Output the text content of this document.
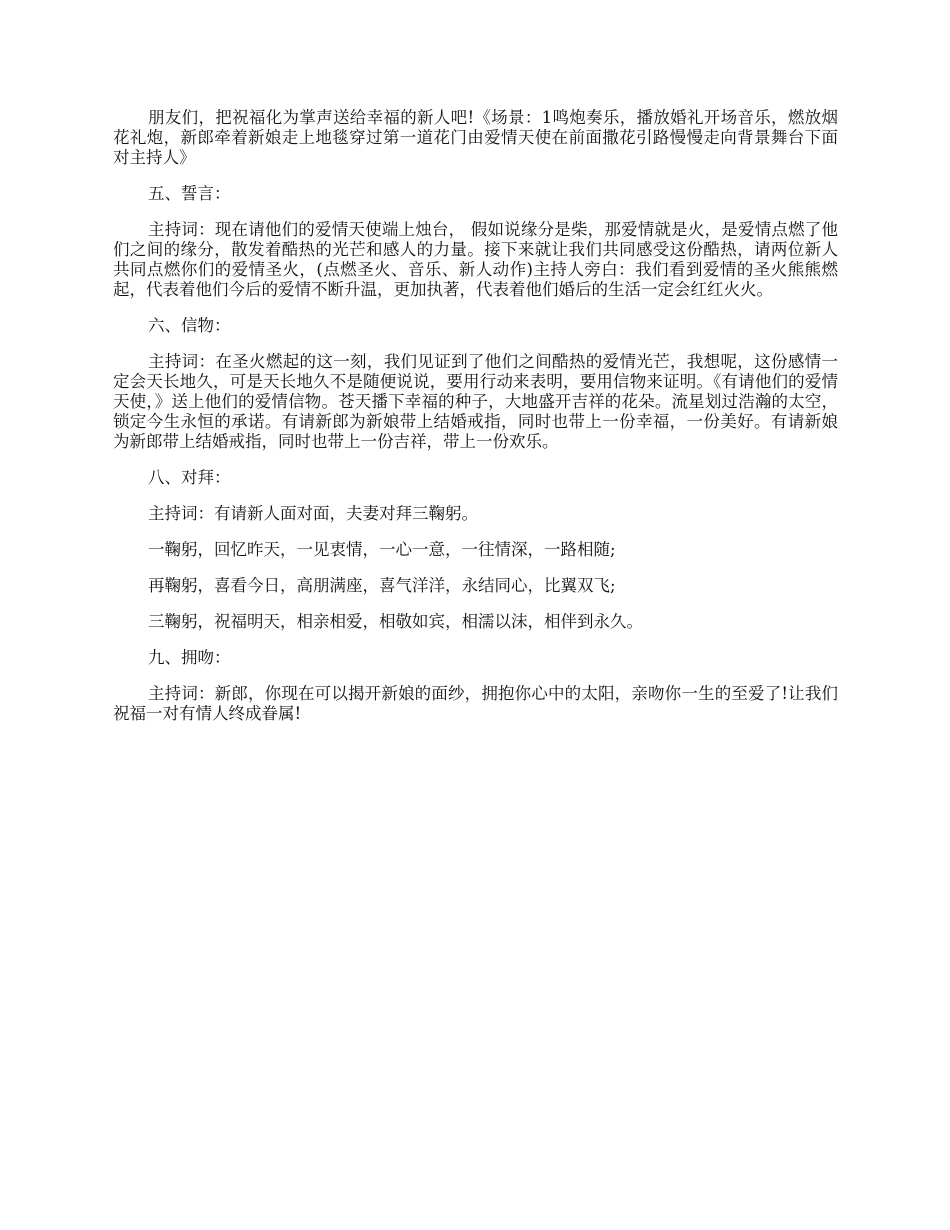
朋友们，把祝福化为掌声送给幸福的新人吧!《场景：1鸣炮奏乐，播放婚礼开场音乐，燃放烟花礼炮，新郎牵着新娘走上地毯穿过第一道花门由爱情天使在前面撒花引路慢慢走向背景舞台下面对主持人》

五、誓言：

主持词：现在请他们的爱情天使端上烛台， 假如说缘分是柴，那爱情就是火，是爱情点燃了他们之间的缘分，散发着酷热的光芒和感人的力量。接下来就让我们共同感受这份酷热，请两位新人共同点燃你们的爱情圣火，(点燃圣火、音乐、新人动作)主持人旁白：我们看到爱情的圣火熊熊燃起，代表着他们今后的爱情不断升温，更加执著，代表着他们婚后的生活一定会红红火火。

六、信物：

主持词：在圣火燃起的这一刻，我们见证到了他们之间酷热的爱情光芒，我想呢，这份感情一定会天长地久，可是天长地久不是随便说说，要用行动来表明，要用信物来证明。《有请他们的爱情天使，》送上他们的爱情信物。苍天播下幸福的种子，大地盛开吉祥的花朵。流星划过浩瀚的太空，锁定今生永恒的承诺。有请新郎为新娘带上结婚戒指，同时也带上一份幸福，一份美好。有请新娘为新郎带上结婚戒指，同时也带上一份吉祥，带上一份欢乐。

八、对拜：

主持词：有请新人面对面，夫妻对拜三鞠躬。

一鞠躬，回忆昨天，一见衷情，一心一意，一往情深，一路相随;

再鞠躬，喜看今日，高朋满座，喜气洋洋，永结同心，比翼双飞;

三鞠躬，祝福明天，相亲相爱，相敬如宾，相濡以沫，相伴到永久。

九、拥吻：

主持词：新郎，你现在可以揭开新娘的面纱，拥抱你心中的太阳，亲吻你一生的至爱了!让我们祝福一对有情人终成眷属!
